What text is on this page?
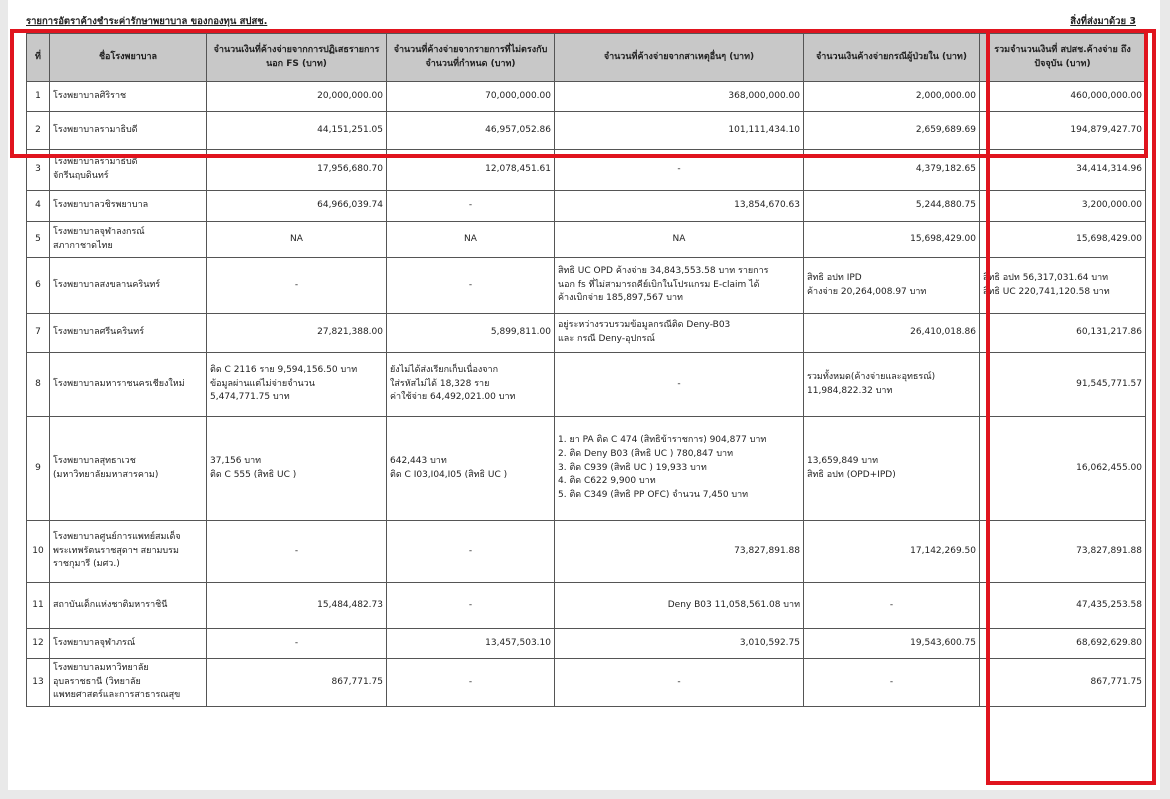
รายการอัตราค้างชำระค่ารักษาพยาบาล ของกองทุน สปสช.	สิ่งที่ส่งมาด้วย 3
ที่	ชื่อโรงพยาบาล	จำนวนเงินที่ค้างจ่ายจากการปฏิเสธรายการนอก FS (บาท)	จำนวนที่ค้างจ่ายจากรายการที่ไม่ตรงกับจำนวนที่กำหนด (บาท)	จำนวนที่ค้างจ่ายจากสาเหตุอื่นๆ (บาท)	จำนวนเงินค้างจ่ายกรณีผู้ป่วยใน (บาท)	รวมจำนวนเงินที่ สปสช.ค้างจ่าย ถึงปัจจุบัน (บาท)
1	โรงพยาบาลศิริราช	20,000,000.00	70,000,000.00	368,000,000.00	2,000,000.00	460,000,000.00

2	โรงพยาบาลรามาธิบดี	44,151,251.05	46,957,052.86	101,111,434.10	2,659,689.69	194,879,427.70

3	โรงพยาบาลรามาธิบดี
จักรีนฤบดินทร์	17,956,680.70	12,078,451.61	-	4,379,182.65	34,414,314.96

4	โรงพยาบาลวชิรพยาบาล	64,966,039.74	-	13,854,670.63	5,244,880.75	3,200,000.00

5	โรงพยาบาลจุฬาลงกรณ์
สภากาชาดไทย	NA	NA	NA	15,698,429.00	15,698,429.00

6	โรงพยาบาลสงขลานครินทร์	-	-	สิทธิ UC OPD ค้างจ่าย 34,843,553.58 บาท รายการ
นอก fs ที่ไม่สามารถคีย์เบิกในโปรแกรม E-claim ได้
ค้างเบิกจ่าย 185,897,567 บาท	สิทธิ อปท IPD
ค้างจ่าย 20,264,008.97 บาท	สิทธิ อปท 56,317,031.64 บาท
สิทธิ UC 220,741,120.58 บาท

7	โรงพยาบาลศรีนครินทร์	27,821,388.00	5,899,811.00	อยู่ระหว่างรวบรวมข้อมูลกรณีติด Deny-B03
และ กรณี Deny-อุปกรณ์	26,410,018.86	60,131,217.86

8	โรงพยาบาลมหาราชนครเชียงใหม่	ติด C 2116 ราย 9,594,156.50 บาท
ข้อมูลผ่านแต่ไม่จ่ายจำนวน
5,474,771.75 บาท	ยังไม่ได้ส่งเรียกเก็บเนื่องจาก
ใส่รหัสไม่ได้ 18,328 ราย
ค่าใช้จ่าย 64,492,021.00 บาท	-	รวมทั้งหมด(ค้างจ่ายและอุทธรณ์)
11,984,822.32 บาท	91,545,771.57

9	โรงพยาบาลสุทธาเวช
(มหาวิทยาลัยมหาสารคาม)	37,156 บาท
ติด C 555 (สิทธิ UC )	642,443 บาท
ติด C I03,I04,I05 (สิทธิ UC )	1. ยา PA ติด C 474 (สิทธิข้าราชการ) 904,877 บาท
2. ติด Deny B03 (สิทธิ UC ) 780,847 บาท
3. ติด C939 (สิทธิ UC ) 19,933 บาท
4. ติด C622 9,900 บาท
5. ติด C349 (สิทธิ PP OFC) จำนวน 7,450 บาท	13,659,849 บาท
สิทธิ อปท (OPD+IPD)	16,062,455.00

10	โรงพยาบาลศูนย์การแพทย์สมเด็จ
พระเทพรัตนราชสุดาฯ สยามบรม
ราชกุมารี (มศว.)	-	-	73,827,891.88	17,142,269.50	73,827,891.88

11	สถาบันเด็กแห่งชาติมหาราชินี	15,484,482.73	-	Deny B03 11,058,561.08 บาท	-	47,435,253.58

12	โรงพยาบาลจุฬาภรณ์	-	13,457,503.10	3,010,592.75	19,543,600.75	68,692,629.80

13	โรงพยาบาลมหาวิทยาลัย
อุบลราชธานี (วิทยาลัย
แพทยศาสตร์และการสาธารณสุข	867,771.75	-	-	-	867,771.75
